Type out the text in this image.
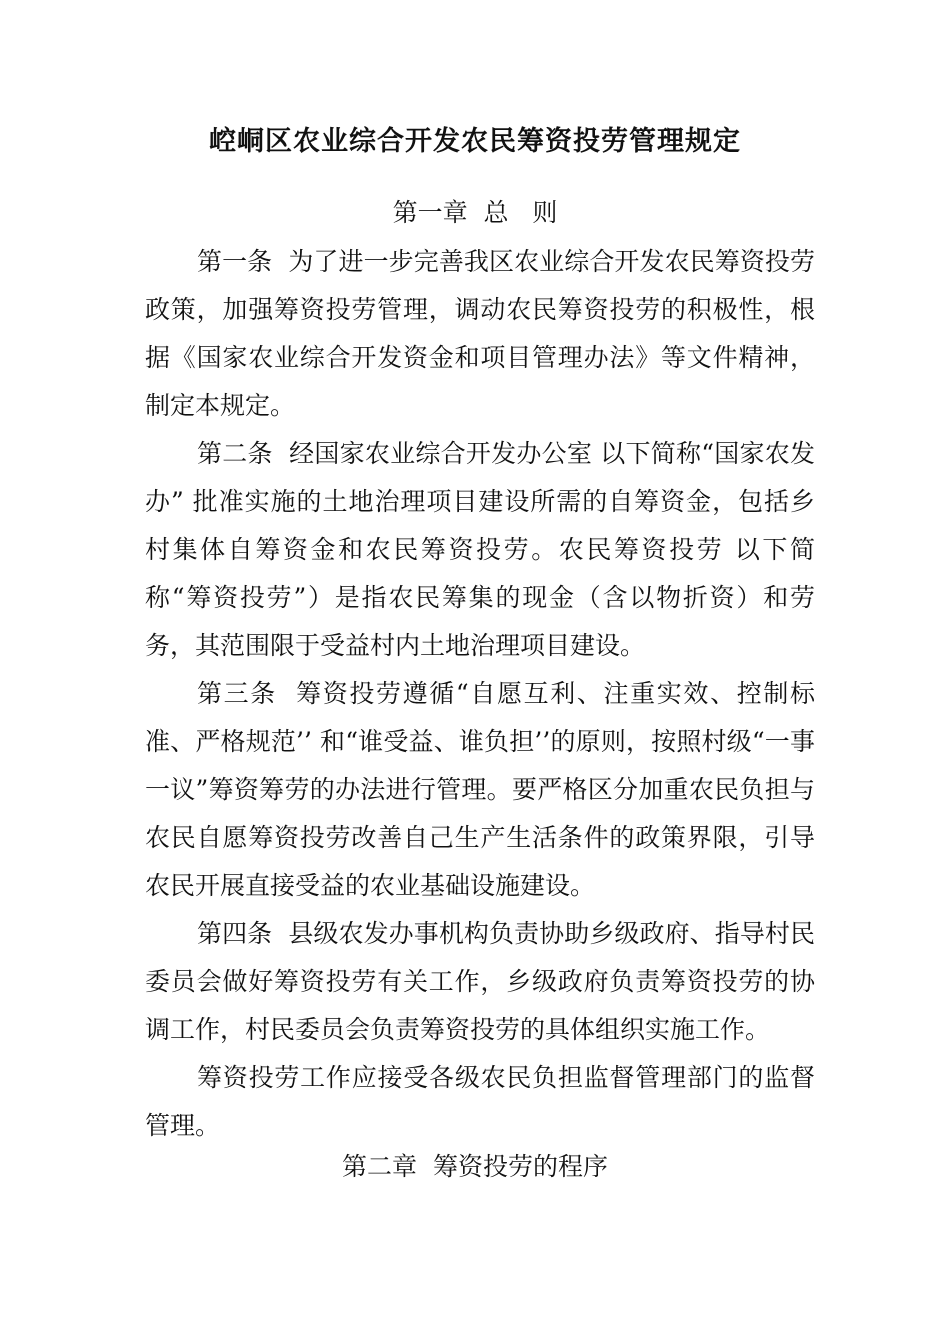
崆峒区农业综合开发农民筹资投劳管理规定
第一章  总   则

第一条  为了进一步完善我区农业综合开发农民筹资投劳政策，加强筹资投劳管理，调动农民筹资投劳的积极性，根据《国家农业综合开发资金和项目管理办法》等文件精神，制定本规定。

第二条  经国家农业综合开发办公室 以下简称“国家农发办” 批准实施的土地治理项目建设所需的自筹资金，包括乡村集体自筹资金和农民筹资投劳。农民筹资投劳 以下简称“筹资投劳”）是指农民筹集的现金（含以物折资）和劳务，其范围限于受益村内土地治理项目建设。

第三条  筹资投劳遵循“自愿互利、注重实效、控制标准、严格规范’’ 和“谁受益、谁负担’’的原则，按照村级“一事一议”筹资筹劳的办法进行管理。要严格区分加重农民负担与农民自愿筹资投劳改善自己生产生活条件的政策界限，引导农民开展直接受益的农业基础设施建设。

第四条  县级农发办事机构负责协助乡级政府、指导村民委员会做好筹资投劳有关工作，乡级政府负责筹资投劳的协调工作，村民委员会负责筹资投劳的具体组织实施工作。

筹资投劳工作应接受各级农民负担监督管理部门的监督管理。

第二章  筹资投劳的程序
